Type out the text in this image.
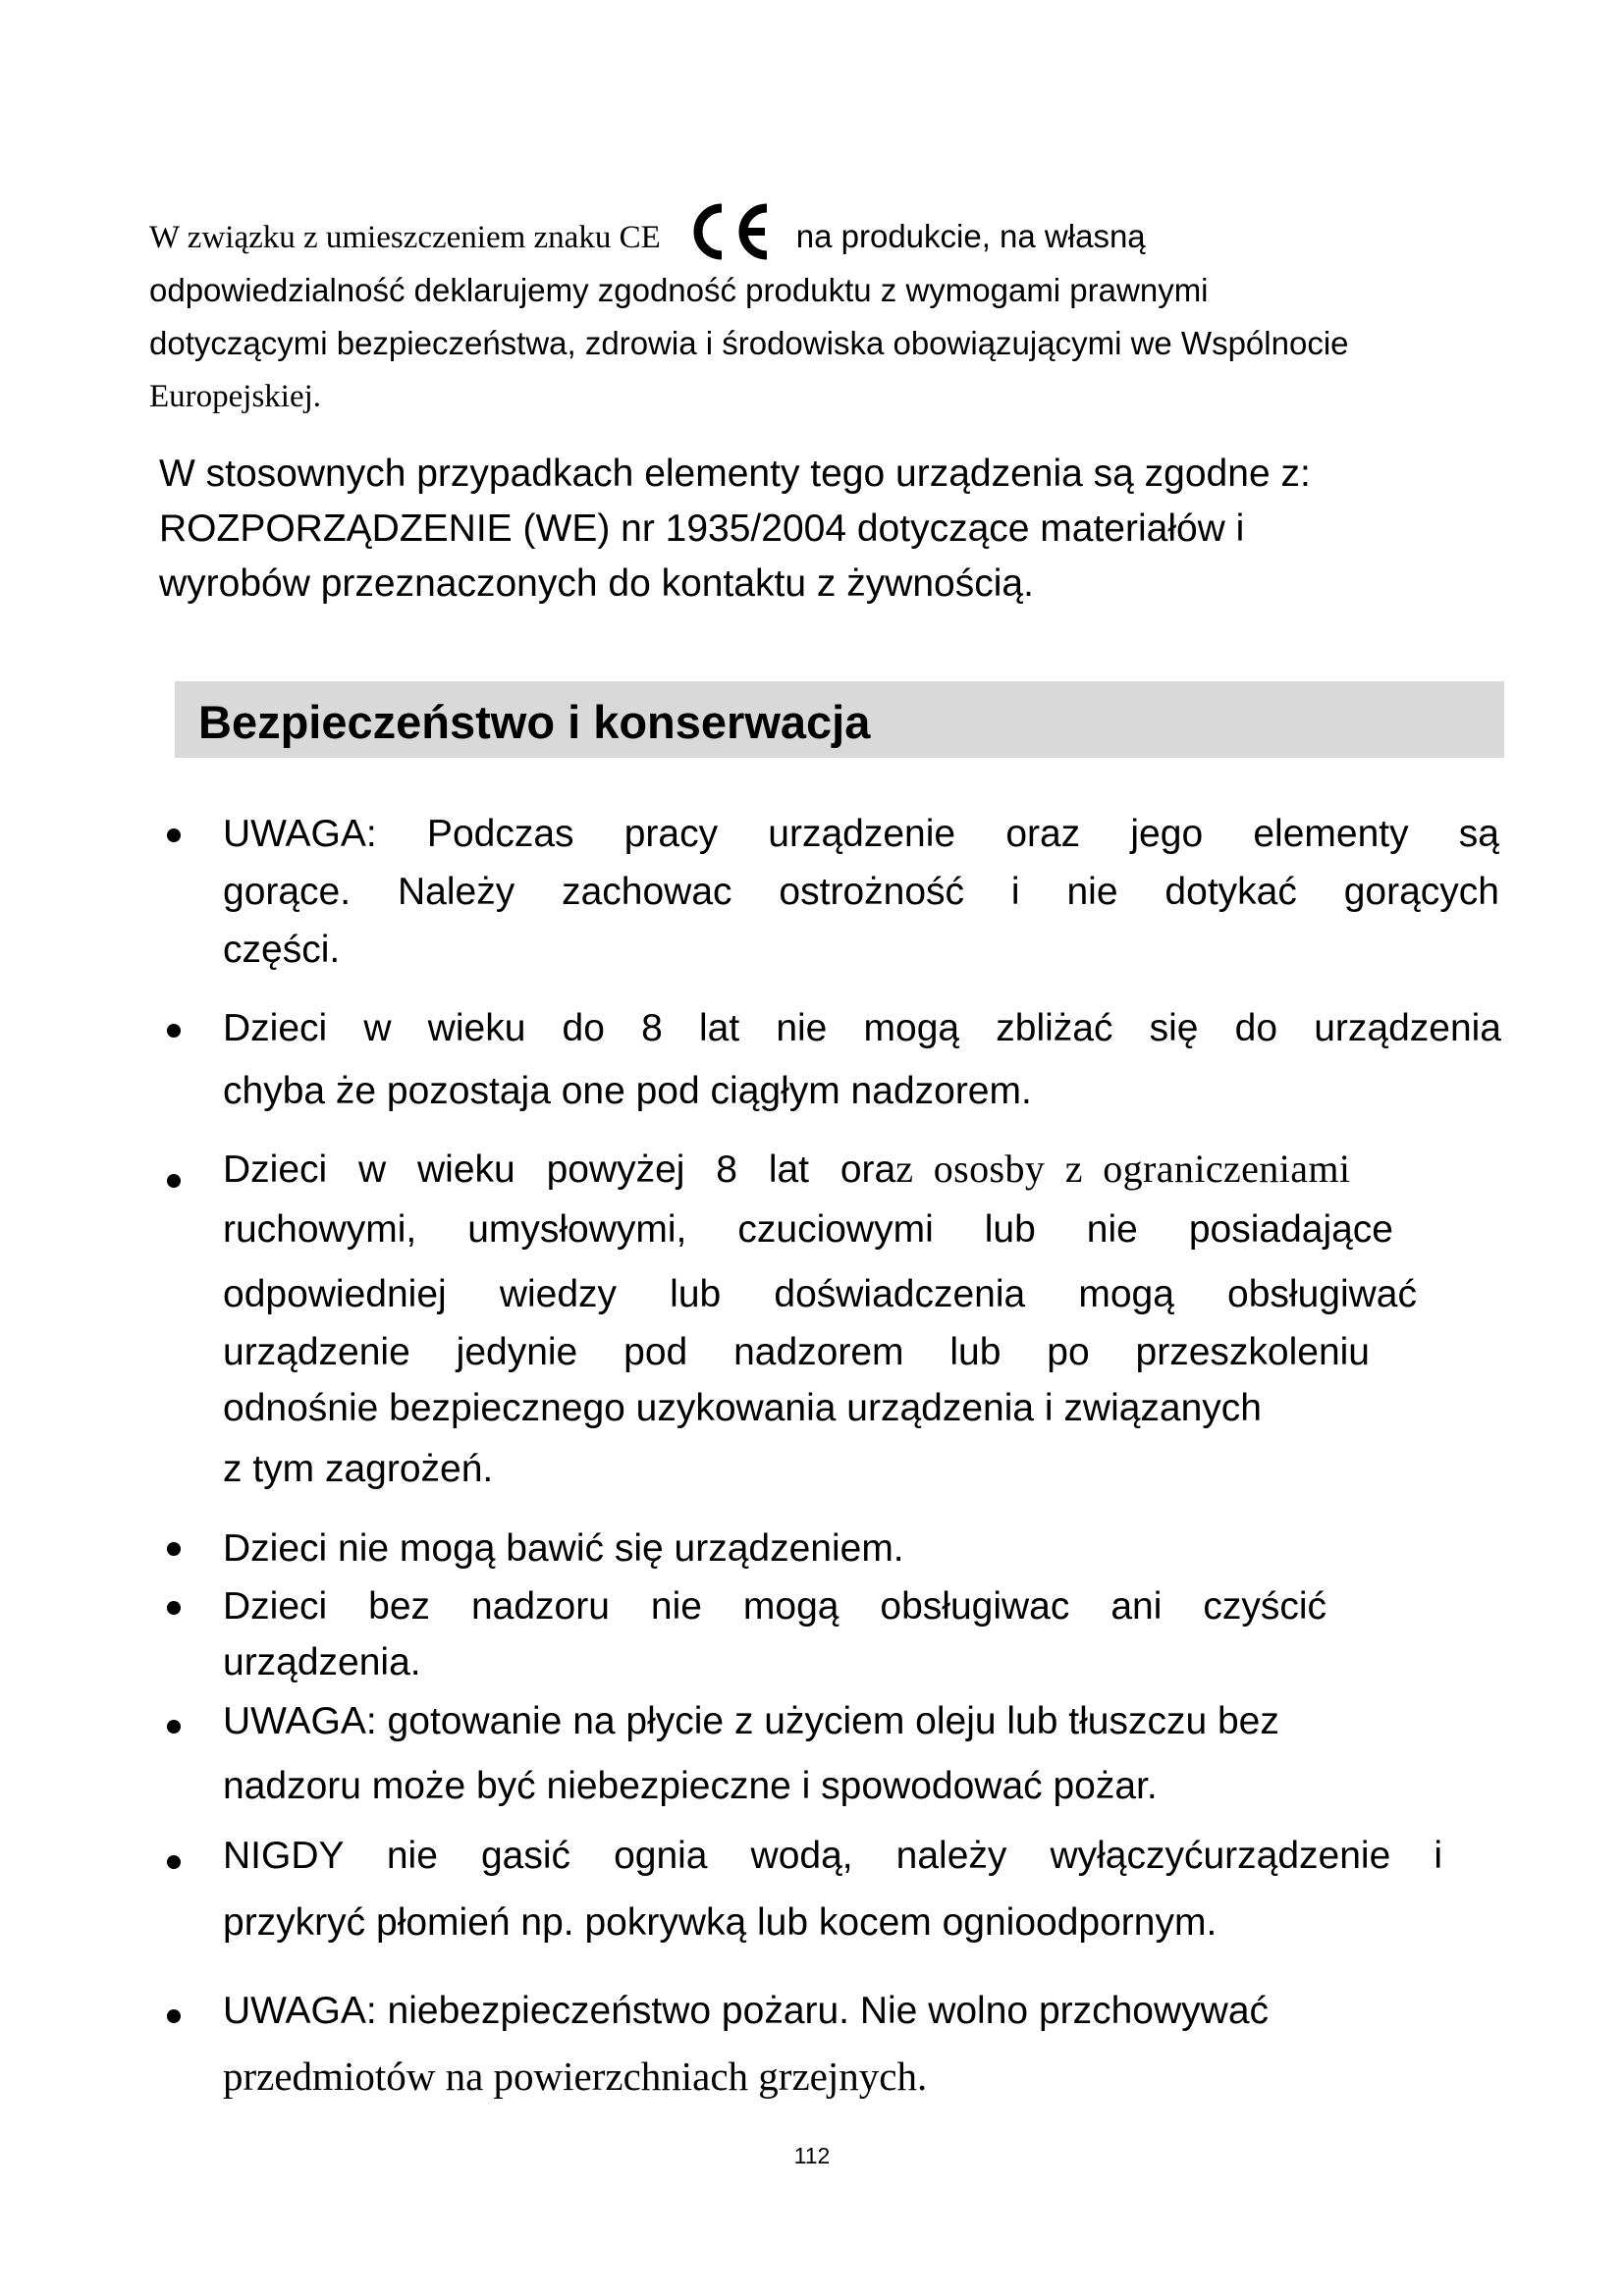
W związku z umieszczeniem znaku CE	na produkcie, na własną
odpowiedzialność deklarujemy zgodność produktu z wymogami prawnymi
dotyczącymi bezpieczeństwa, zdrowia i środowiska obowiązującymi we Wspólnocie
Europejskiej.
W stosownych przypadkach elementy tego urządzenia są zgodne z:
ROZPORZĄDZENIE (WE) nr 1935/2004 dotyczące materiałów i
wyrobów przeznaczonych do kontaktu z żywnością.
Bezpieczeństwo i konserwacja
UWAGA: Podczas pracy urządzenie oraz jego elementy są
gorące. Należy zachowac ostrożność i nie dotykać gorących
części.
Dzieci w wieku do 8 lat nie mogą zbliżać się do urządzenia
chyba że pozostaja one pod ciągłym nadzorem.
Dzieci w wieku powyżej 8 lat oraz ososby z ograniczeniami
ruchowymi, umysłowymi, czuciowymi lub nie posiadające
odpowiedniej wiedzy lub doświadczenia mogą obsługiwać
urządzenie jedynie pod nadzorem lub po przeszkoleniu
odnośnie bezpiecznego uzykowania urządzenia i związanych
z tym zagrożeń.
Dzieci nie mogą bawić się urządzeniem.
Dzieci bez nadzoru nie mogą obsługiwac ani czyścić
urządzenia.
UWAGA: gotowanie na płycie z użyciem oleju lub tłuszczu bez
nadzoru może być niebezpieczne i spowodować pożar.
NIGDY nie gasić ognia wodą, należy wyłączyćurządzenie i
przykryć płomień np. pokrywką lub kocem ognioodpornym.
UWAGA: niebezpieczeństwo pożaru. Nie wolno przchowywać
przedmiotów na powierzchniach grzejnych.
112
